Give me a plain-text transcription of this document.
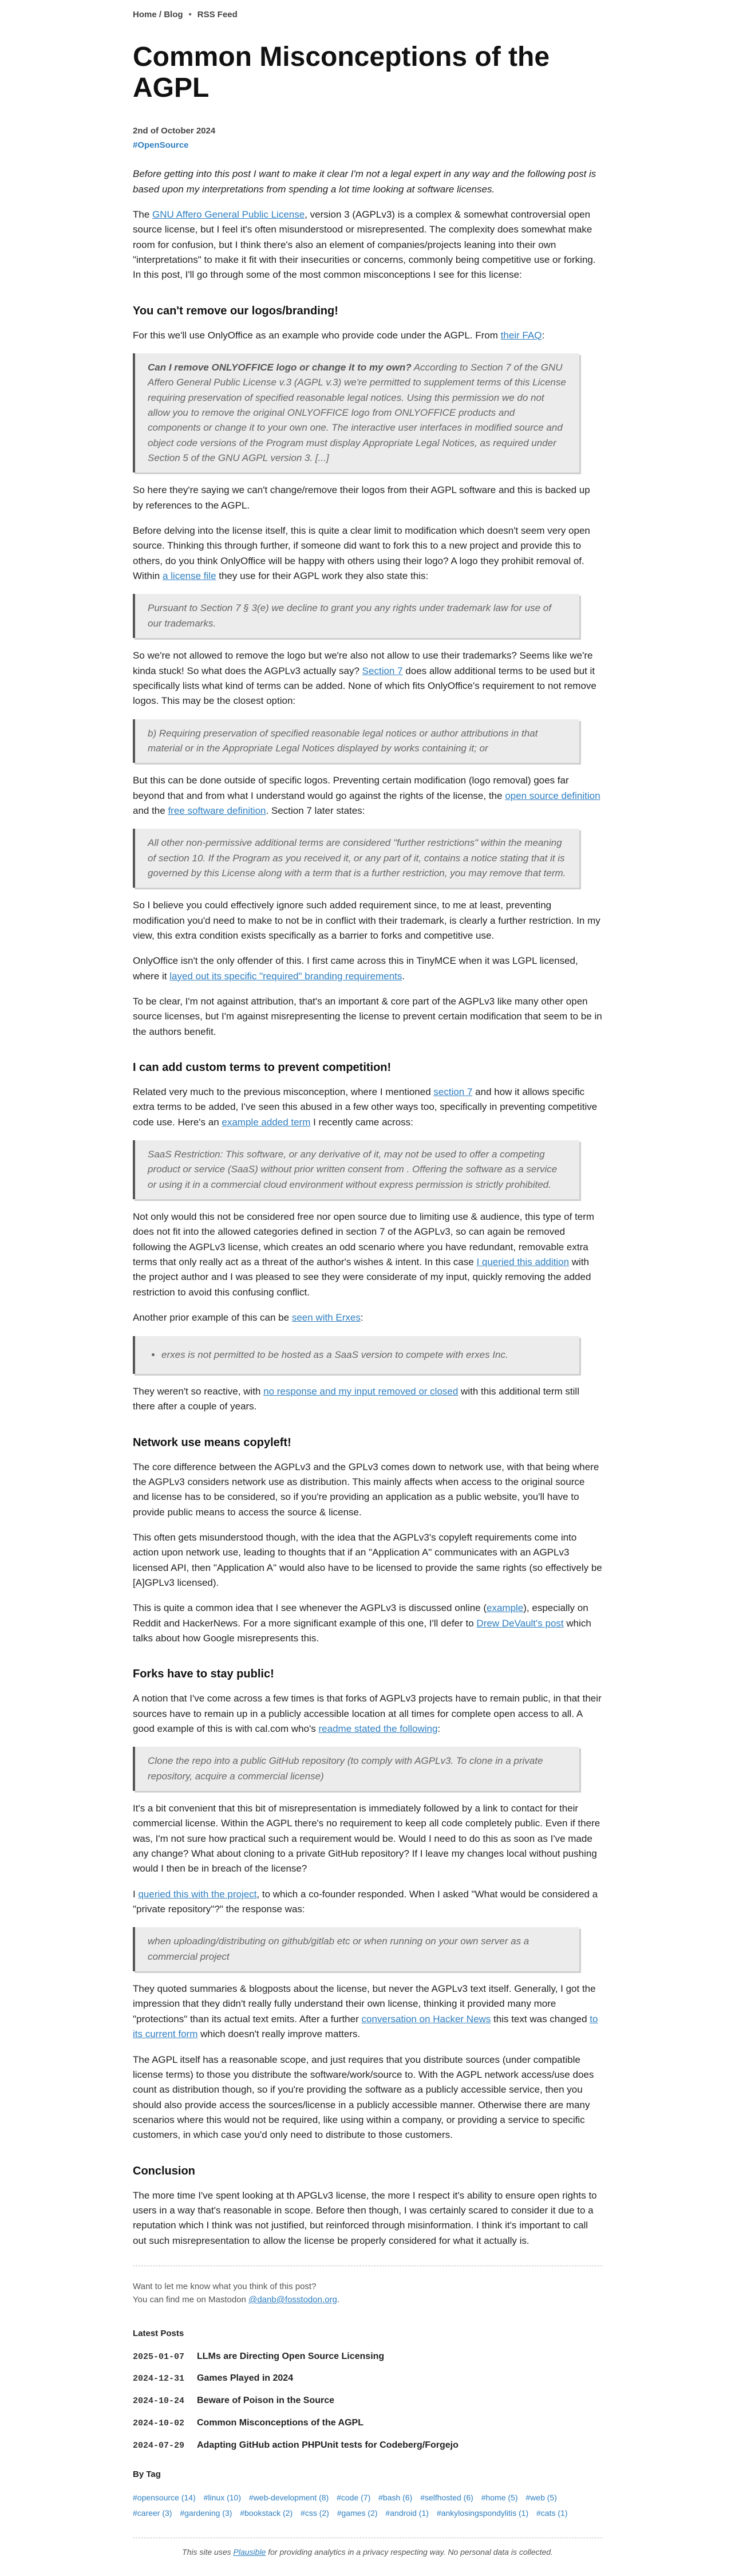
Home / Blog • RSS Feed
Common Misconceptions of the AGPL
2nd of October 2024
#OpenSource

Before getting into this post I want to make it clear I'm not a legal expert in any way and the following post is based upon my interpretations from spending a lot time looking at software licenses.

The GNU Affero General Public License, version 3 (AGPLv3) is a complex & somewhat controversial open source license, but I feel it's often misunderstood or misrepresented. The complexity does somewhat make room for confusion, but I think there's also an element of companies/projects leaning into their own "interpretations" to make it fit with their insecurities or concerns, commonly being competitive use or forking. In this post, I'll go through some of the most common misconceptions I see for this license:

You can't remove our logos/branding!

For this we'll use OnlyOffice as an example who provide code under the AGPL. From their FAQ:

Can I remove ONLYOFFICE logo or change it to my own? According to Section 7 of the GNU Affero General Public License v.3 (AGPL v.3) we're permitted to supplement terms of this License requiring preservation of specified reasonable legal notices. Using this permission we do not allow you to remove the original ONLYOFFICE logo from ONLYOFFICE products and components or change it to your own one. The interactive user interfaces in modified source and object code versions of the Program must display Appropriate Legal Notices, as required under Section 5 of the GNU AGPL version 3. [...]

So here they're saying we can't change/remove their logos from their AGPL software and this is backed up by references to the AGPL.

Before delving into the license itself, this is quite a clear limit to modification which doesn't seem very open source. Thinking this through further, if someone did want to fork this to a new project and provide this to others, do you think OnlyOffice will be happy with others using their logo? A logo they prohibit removal of. Within a license file they use for their AGPL work they also state this:

Pursuant to Section 7 § 3(e) we decline to grant you any rights under trademark law for use of our trademarks.

So we're not allowed to remove the logo but we're also not allow to use their trademarks? Seems like we're kinda stuck! So what does the AGPLv3 actually say? Section 7 does allow additional terms to be used but it specifically lists what kind of terms can be added. None of which fits OnlyOffice's requirement to not remove logos. This may be the closest option:

b) Requiring preservation of specified reasonable legal notices or author attributions in that material or in the Appropriate Legal Notices displayed by works containing it; or

But this can be done outside of specific logos. Preventing certain modification (logo removal) goes far beyond that and from what I understand would go against the rights of the license, the open source definition and the free software definition. Section 7 later states:

All other non-permissive additional terms are considered "further restrictions" within the meaning of section 10. If the Program as you received it, or any part of it, contains a notice stating that it is governed by this License along with a term that is a further restriction, you may remove that term.

So I believe you could effectively ignore such added requirement since, to me at least, preventing modification you'd need to make to not be in conflict with their trademark, is clearly a further restriction. In my view, this extra condition exists specifically as a barrier to forks and competitive use.

OnlyOffice isn't the only offender of this. I first came across this in TinyMCE when it was LGPL licensed, where it layed out its specific "required" branding requirements.

To be clear, I'm not against attribution, that's an important & core part of the AGPLv3 like many other open source licenses, but I'm against misrepresenting the license to prevent certain modification that seem to be in the authors benefit.

I can add custom terms to prevent competition!

Related very much to the previous misconception, where I mentioned section 7 and how it allows specific extra terms to be added, I've seen this abused in a few other ways too, specifically in preventing competitive code use. Here's an example added term I recently came across:

SaaS Restriction: This software, or any derivative of it, may not be used to offer a competing product or service (SaaS) without prior written consent from . Offering the software as a service or using it in a commercial cloud environment without express permission is strictly prohibited.

Not only would this not be considered free nor open source due to limiting use & audience, this type of term does not fit into the allowed categories defined in section 7 of the AGPLv3, so can again be removed following the AGPLv3 license, which creates an odd scenario where you have redundant, removable extra terms that only really act as a threat of the author's wishes & intent. In this case I queried this addition with the project author and I was pleased to see they were considerate of my input, quickly removing the added restriction to avoid this confusing conflict.

Another prior example of this can be seen with Erxes:

• erxes is not permitted to be hosted as a SaaS version to compete with erxes Inc.

They weren't so reactive, with no response and my input removed or closed with this additional term still there after a couple of years.

Network use means copyleft!

The core difference between the AGPLv3 and the GPLv3 comes down to network use, with that being where the AGPLv3 considers network use as distribution. This mainly affects when access to the original source and license has to be considered, so if you're providing an application as a public website, you'll have to provide public means to access the source & license.

This often gets misunderstood though, with the idea that the AGPLv3's copyleft requirements come into action upon network use, leading to thoughts that if an "Application A" communicates with an AGPLv3 licensed API, then "Application A" would also have to be licensed to provide the same rights (so effectively be [A]GPLv3 licensed).

This is quite a common idea that I see whenever the AGPLv3 is discussed online (example), especially on Reddit and HackerNews. For a more significant example of this one, I'll defer to Drew DeVault's post which talks about how Google misrepresents this.

Forks have to stay public!

A notion that I've come across a few times is that forks of AGPLv3 projects have to remain public, in that their sources have to remain up in a publicly accessible location at all times for complete open access to all. A good example of this is with cal.com who's readme stated the following:

Clone the repo into a public GitHub repository (to comply with AGPLv3. To clone in a private repository, acquire a commercial license)

It's a bit convenient that this bit of misrepresentation is immediately followed by a link to contact for their commercial license. Within the AGPL there's no requirement to keep all code completely public. Even if there was, I'm not sure how practical such a requirement would be. Would I need to do this as soon as I've made any change? What about cloning to a private GitHub repository? If I leave my changes local without pushing would I then be in breach of the license?

I queried this with the project, to which a co-founder responded. When I asked "What would be considered a "private repository"?" the response was:

when uploading/distributing on github/gitlab etc or when running on your own server as a commercial project

They quoted summaries & blogposts about the license, but never the AGPLv3 text itself. Generally, I got the impression that they didn't really fully understand their own license, thinking it provided many more "protections" than its actual text emits. After a further conversation on Hacker News this text was changed to its current form which doesn't really improve matters.

The AGPL itself has a reasonable scope, and just requires that you distribute sources (under compatible license terms) to those you distribute the software/work/source to. With the AGPL network access/use does count as distribution though, so if you're providing the software as a publicly accessible service, then you should also provide access the sources/license in a publicly accessible manner. Otherwise there are many scenarios where this would not be required, like using within a company, or providing a service to specific customers, in which case you'd only need to distribute to those customers.

Conclusion

The more time I've spent looking at th APGLv3 license, the more I respect it's ability to ensure open rights to users in a way that's reasonable in scope. Before then though, I was certainly scared to consider it due to a reputation which I think was not justified, but reinforced through misinformation. I think it's important to call out such misrepresentation to allow the license be properly considered for what it actually is.

Want to let me know what you think of this post?

You can find me on Mastodon @danb@fosstodon.org.

Latest Posts
2025-01-07	LLMs are Directing Open Source Licensing
2024-12-31	Games Played in 2024
2024-10-24	Beware of Poison in the Source
2024-10-02	Common Misconceptions of the AGPL
2024-07-29	Adapting GitHub action PHPUnit tests for Codeberg/Forgejo
By Tag
#opensource (14) #linux (10) #web-development (8) #code (7) #bash (6) #selfhosted (6) #home (5) #web (5) #career (3) #gardening (3) #bookstack (2) #css (2) #games (2) #android (1) #ankylosingspondylitis (1) #cats (1)
This site uses Plausible for providing analytics in a privacy respecting way. No personal data is collected.
